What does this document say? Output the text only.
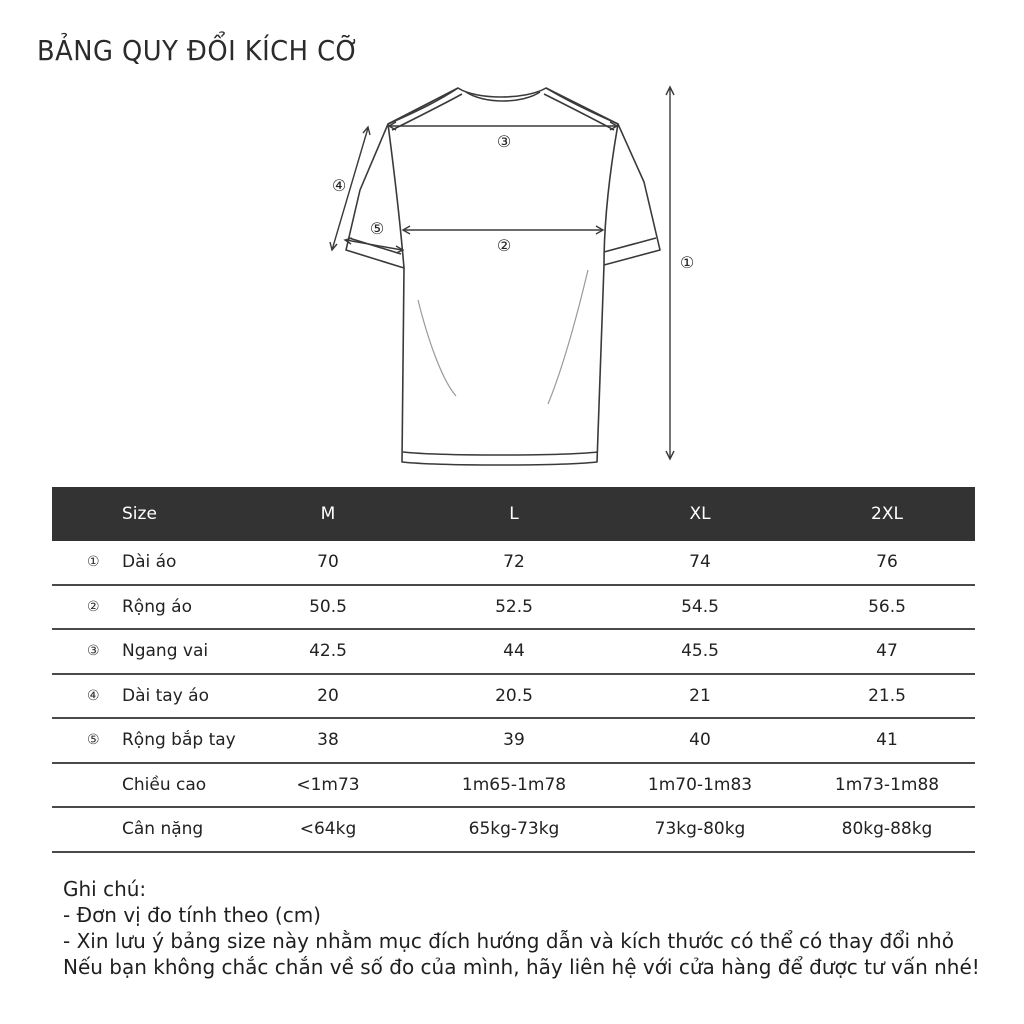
BẢNG QUY ĐỔI KÍCH CỠ
③
④
⑤
②
①
Size	M	L	XL	2XL
① Dài áo	70	72	74	76
② Rộng áo	50.5	52.5	54.5	56.5
③ Ngang vai	42.5	44	45.5	47
④ Dài tay áo	20	20.5	21	21.5
⑤ Rộng bắp tay	38	39	40	41
Chiều cao	<1m73	1m65-1m78	1m70-1m83	1m73-1m88
Cân nặng	<64kg	65kg-73kg	73kg-80kg	80kg-88kg
Ghi chú:
- Đơn vị đo tính theo (cm)
- Xin lưu ý bảng size này nhằm mục đích hướng dẫn và kích thước có thể có thay đổi nhỏ
Nếu bạn không chắc chắn về số đo của mình, hãy liên hệ với cửa hàng để được tư vấn nhé!
